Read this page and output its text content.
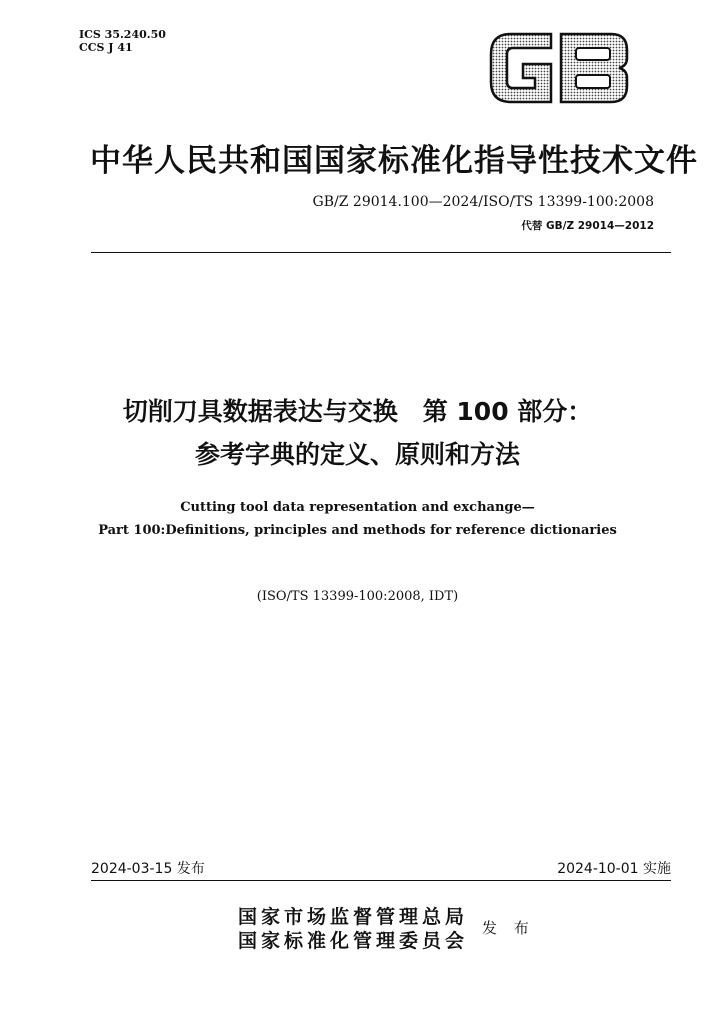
ICS 35.240.50
CCS J 41
中华人民共和国国家标准化指导性技术文件
GB/Z 29014.100—2024/ISO/TS 13399-100:2008
代替 GB/Z 29014—2012
切削刀具数据表达与交换　第 100 部分：
参考字典的定义、原则和方法
Cutting tool data representation and exchange—
Part 100:Definitions, principles and methods for reference dictionaries
(ISO/TS 13399-100:2008, IDT)
2024-03-15 发布	2024-10-01 实施
国家市场监督管理总局
国家标准化管理委员会
发 布
